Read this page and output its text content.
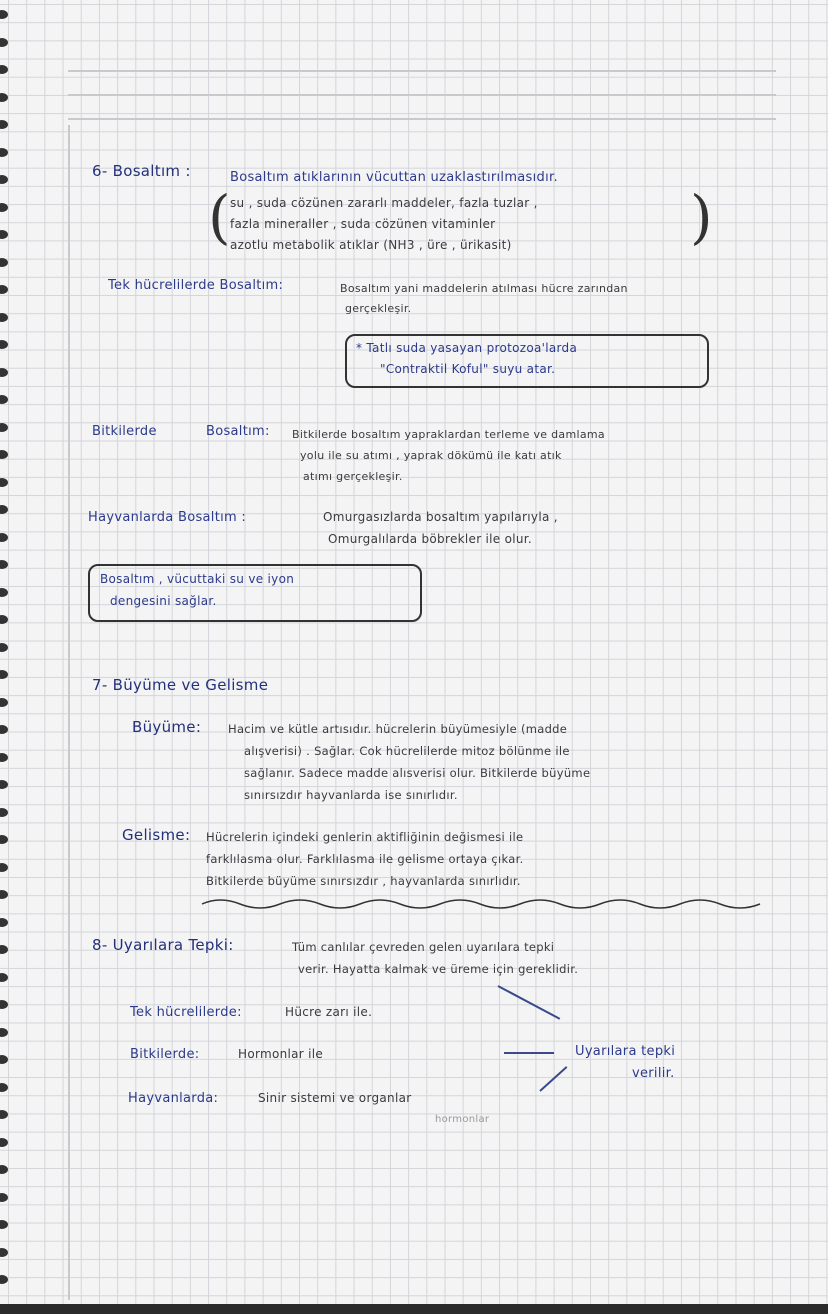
6- Bosaltım :	Bosaltım atıklarının vücuttan uzaklastırılmasıdır.
(	)
su , suda cözünen zararlı maddeler, fazla tuzlar ,
fazla mineraller , suda cözünen vitaminler
azotlu metabolik atıklar (NH3 , üre , ürikasit)
Tek hücrelilerde Bosaltım:	Bosaltım yani maddelerin atılması hücre zarından
gerçekleşir.
* Tatlı suda yasayan protozoa'larda
"Contraktil Koful" suyu atar.
Bitkilerde	Bosaltım: Bitkilerde bosaltım yapraklardan terleme ve damlama
yolu ile su atımı , yaprak dökümü ile katı atık
atımı gerçekleşir.
Hayvanlarda Bosaltım :	Omurgasızlarda bosaltım yapılarıyla ,
Omurgalılarda böbrekler ile olur.
Bosaltım , vücuttaki su ve iyon
dengesini sağlar.
7- Büyüme ve Gelisme
Büyüme: Hacim ve kütle artısıdır. hücrelerin büyümesiyle (madde
alışverisi) . Sağlar. Cok hücrelilerde mitoz bölünme ile
sağlanır. Sadece madde alısverisi olur. Bitkilerde büyüme
sınırsızdır hayvanlarda ise sınırlıdır.
Gelisme: Hücrelerin içindeki genlerin aktifliğinin değismesi ile
farklılasma olur. Farklılasma ile gelisme ortaya çıkar.
Bitkilerde büyüme sınırsızdır , hayvanlarda sınırlıdır.
8- Uyarılara Tepki:	Tüm canlılar çevreden gelen uyarılara tepki
verir. Hayatta kalmak ve üreme için gereklidir.
Tek hücrelilerde:	Hücre zarı ile.
Bitkilerde:	Hormonlar ile
Hayvanlarda:	Sinir sistemi ve organlar
hormonlar
Uyarılara tepki
verilir.
